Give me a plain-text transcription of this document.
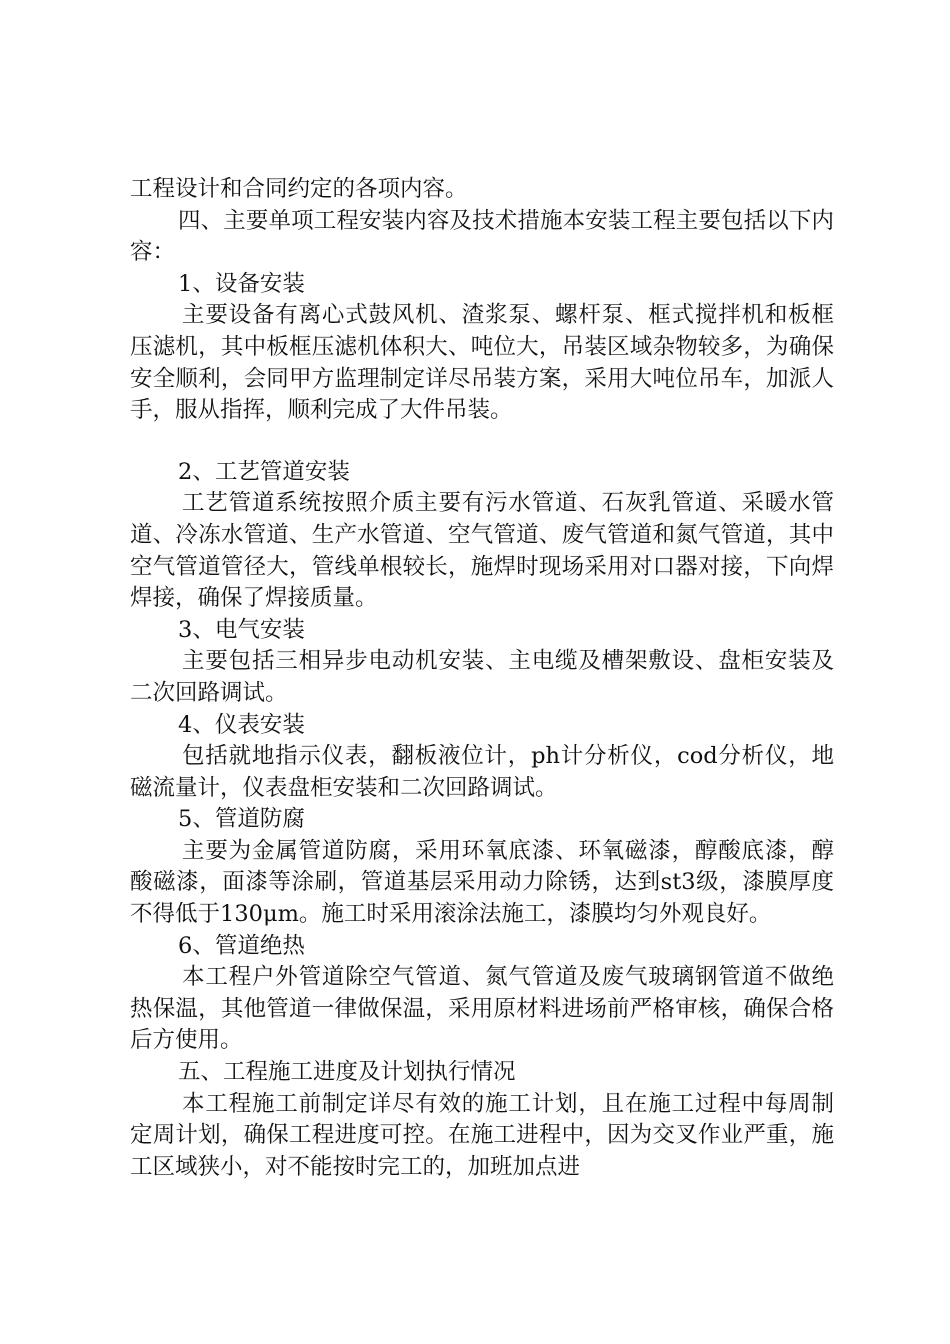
工程设计和合同约定的各项内容。

四、主要单项工程安装内容及技术措施本安装工程主要包括以下内容：

1、设备安装

主要设备有离心式鼓风机、渣浆泵、螺杆泵、框式搅拌机和板框压滤机，其中板框压滤机体积大、吨位大，吊装区域杂物较多，为确保安全顺利，会同甲方监理制定详尽吊装方案，采用大吨位吊车，加派人手，服从指挥，顺利完成了大件吊装。

2、工艺管道安装

工艺管道系统按照介质主要有污水管道、石灰乳管道、采暖水管道、冷冻水管道、生产水管道、空气管道、废气管道和氮气管道，其中空气管道管径大，管线单根较长，施焊时现场采用对口器对接，下向焊焊接，确保了焊接质量。

3、电气安装

主要包括三相异步电动机安装、主电缆及槽架敷设、盘柜安装及二次回路调试。

4、仪表安装

包括就地指示仪表，翻板液位计，ph计分析仪，cod分析仪，地磁流量计，仪表盘柜安装和二次回路调试。

5、管道防腐

主要为金属管道防腐，采用环氧底漆、环氧磁漆，醇酸底漆，醇酸磁漆，面漆等涂刷，管道基层采用动力除锈，达到st3级，漆膜厚度不得低于130μm。施工时采用滚涂法施工，漆膜均匀外观良好。

6、管道绝热

本工程户外管道除空气管道、氮气管道及废气玻璃钢管道不做绝热保温，其他管道一律做保温，采用原材料进场前严格审核，确保合格后方使用。

五、工程施工进度及计划执行情况

本工程施工前制定详尽有效的施工计划，且在施工过程中每周制定周计划，确保工程进度可控。在施工进程中，因为交叉作业严重，施工区域狭小，对不能按时完工的，加班加点进
